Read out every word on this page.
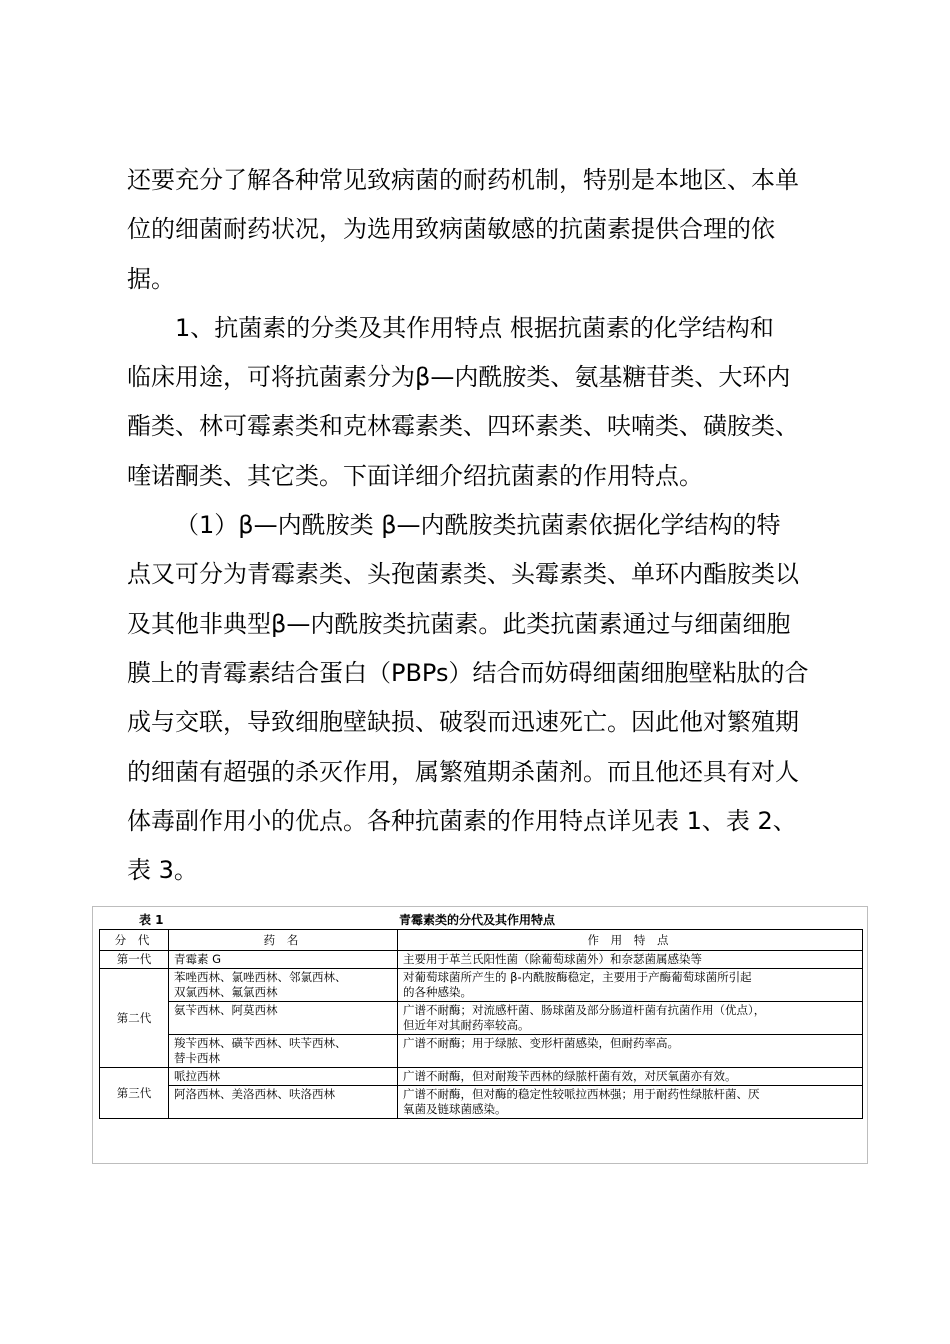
还要充分了解各种常见致病菌的耐药机制，特别是本地区、本单
位的细菌耐药状况，为选用致病菌敏感的抗菌素提供合理的依
据。

1、抗菌素的分类及其作用特点 根据抗菌素的化学结构和
临床用途，可将抗菌素分为β—内酰胺类、氨基糖苷类、大环内
酯类、林可霉素类和克林霉素类、四环素类、呋喃类、磺胺类、
喹诺酮类、其它类。下面详细介绍抗菌素的作用特点。

（1）β—内酰胺类 β—内酰胺类抗菌素依据化学结构的特
点又可分为青霉素类、头孢菌素类、头霉素类、单环内酯胺类以
及其他非典型β—内酰胺类抗菌素。此类抗菌素通过与细菌细胞
膜上的青霉素结合蛋白（PBPs）结合而妨碍细菌细胞壁粘肽的合
成与交联，导致细胞壁缺损、破裂而迅速死亡。因此他对繁殖期
的细菌有超强的杀灭作用，属繁殖期杀菌剂。而且他还具有对人
体毒副作用小的优点。各种抗菌素的作用特点详见表 1、表 2、
表 3。

表 1	青霉素类的分代及其作用特点
分 代	药 名	作 用 特 点
第一代	青霉素 G	主要用于革兰氏阳性菌（除葡萄球菌外）和奈瑟菌属感染等

第二代	苯唑西林、氯唑西林、邻氯西林、
双氯西林、氟氯西林	对葡萄球菌所产生的 β-内酰胺酶稳定，主要用于产酶葡萄球菌所引起
的各种感染。

	氨苄西林、阿莫西林	广谱不耐酶；对流感杆菌、肠球菌及部分肠道杆菌有抗菌作用（优点），
但近年对其耐药率较高。

	羧苄西林、磺苄西林、呋苄西林、
替卡西林	广谱不耐酶；用于绿脓、变形杆菌感染，但耐药率高。

第三代	哌拉西林	广谱不耐酶，但对耐羧苄西林的绿脓杆菌有效，对厌氧菌亦有效。

	阿洛西林、美洛西林、呋洛西林	广谱不耐酶，但对酶的稳定性较哌拉西林强；用于耐药性绿脓杆菌、厌
氧菌及链球菌感染。
